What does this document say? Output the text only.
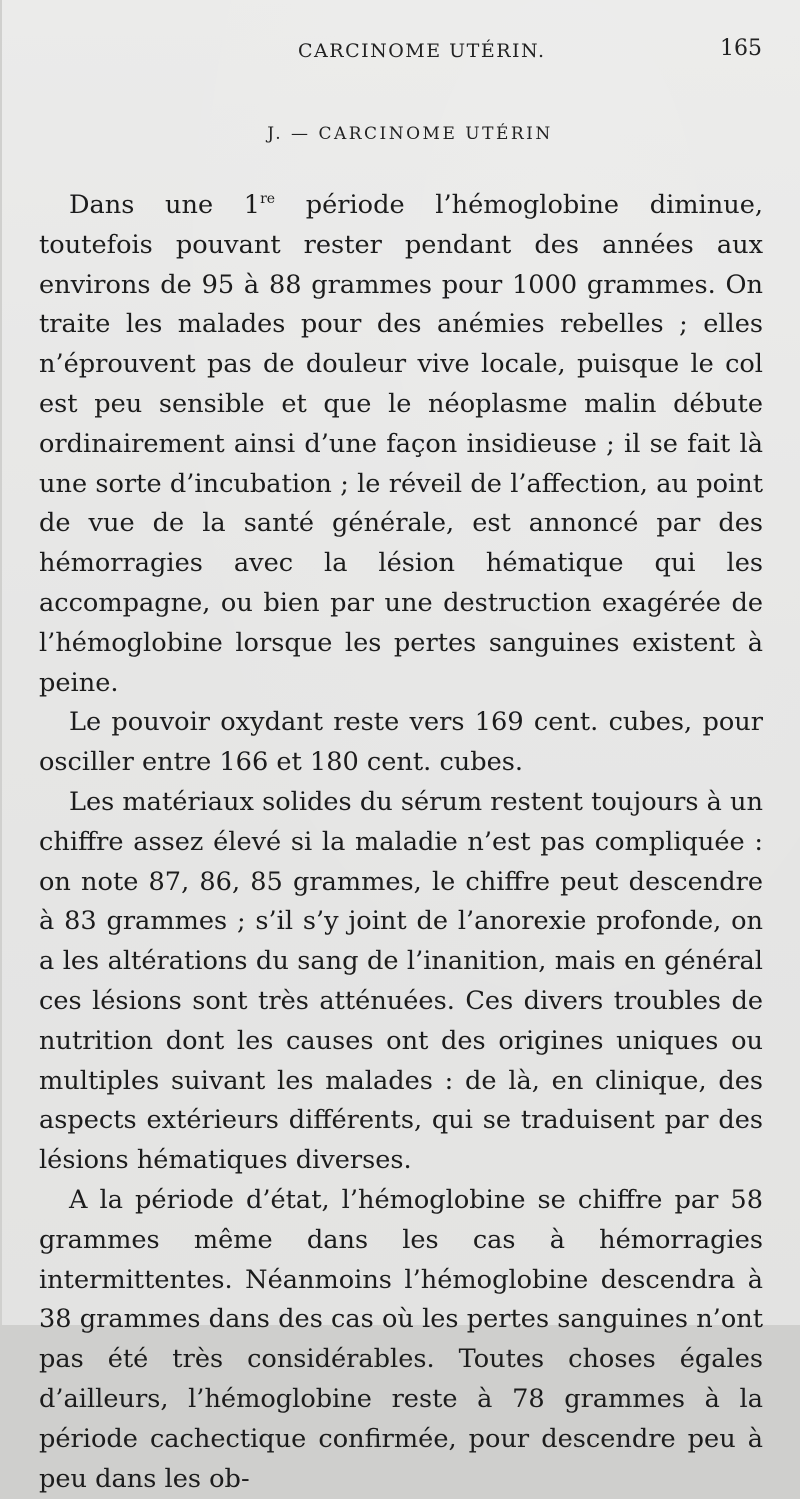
CARCINOME UTÉRIN.	165
J. — CARCINOME UTÉRIN

Dans une 1re période l’hémoglobine diminue, toutefois pouvant rester pendant des années aux environs de 95 à 88 grammes pour 1000 grammes. On traite les malades pour des anémies rebelles ; elles n’éprouvent pas de douleur vive locale, puisque le col est peu sensible et que le néoplasme malin débute ordinairement ainsi d’une façon insidieuse ; il se fait là une sorte d’incubation ; le réveil de l’affection, au point de vue de la santé générale, est annoncé par des hémorragies avec la lésion hématique qui les accompagne, ou bien par une destruction exagérée de l’hémoglobine lorsque les pertes sanguines existent à peine.

Le pouvoir oxydant reste vers 169 cent. cubes, pour osciller entre 166 et 180 cent. cubes.

Les matériaux solides du sérum restent toujours à un chiffre assez élevé si la maladie n’est pas compliquée : on note 87, 86, 85 grammes, le chiffre peut descendre à 83 grammes ; s’il s’y joint de l’anorexie profonde, on a les altérations du sang de l’inanition, mais en général ces lésions sont très atténuées. Ces divers troubles de nutrition dont les causes ont des origines uniques ou multiples suivant les malades : de là, en clinique, des aspects extérieurs différents, qui se traduisent par des lésions hématiques diverses.

A la période d’état, l’hémoglobine se chiffre par 58 grammes même dans les cas à hémorragies intermittentes. Néanmoins l’hémoglobine descendra à 38 grammes dans des cas où les pertes sanguines n’ont pas été très considérables. Toutes choses égales d’ailleurs, l’hémoglobine reste à 78 grammes à la période cachectique confirmée, pour descendre peu à peu dans les ob-
